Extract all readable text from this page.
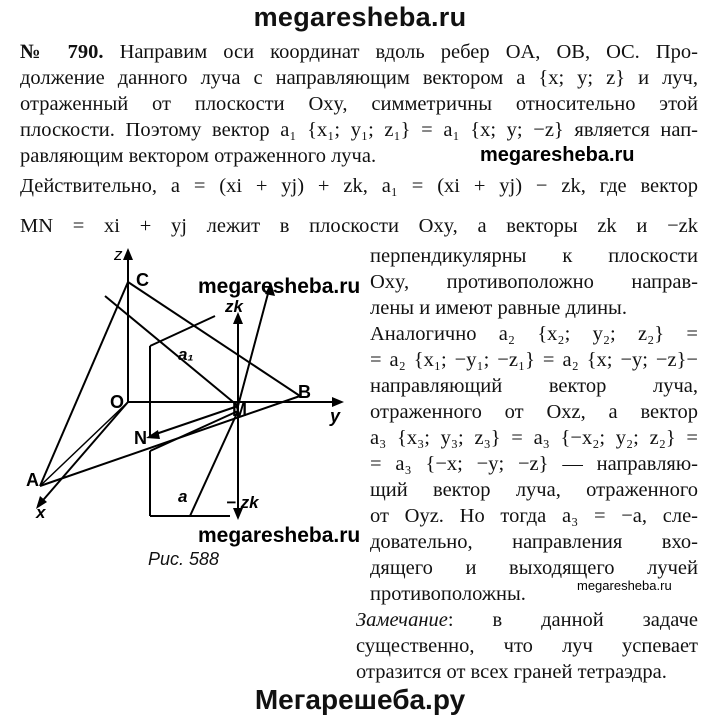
megaresheba.ru
№ 790. Направим оси координат вдоль ребер OA, OB, OC. Про-
должение данного луча с направляющим вектором a {x; y; z} и луч,
отраженный от плоскости Oxy, симметричны относительно этой
плоскости. Поэтому вектор a₁ {x₁; y₁; z₁} = a₁ {x; y; −z} является нап-
равляющим вектором отраженного луча.
Действительно, a = (xi + yj) + zk, a₁ = (xi + yj) − zk, где вектор
MN = xi + yj лежит в плоскости Oxy, а векторы zk и −zk
перпендикулярны к плоскости
Oxy, противоположно направ-
лены и имеют равные длины.
Аналогично a₂ {x₂; y₂; z₂} =
= a₂ {x₁; −y₁; −z₁} = a₂ {x; −y; −z}−
направляющий вектор луча,
отраженного от Oxz, а вектор
a₃ {x₃; y₃; z₃} = a₃ {−x₂; y₂; z₂} =
= a₃ {−x; −y; −z} — направляю-
щий вектор луча, отраженного
от Oyz. Но тогда a₃ = −a, сле-
довательно, направления вхо-
дящего и выходящего лучей
противоположны.
Замечание: в данной задаче
существенно, что луч успевает
отразится от всех граней тетраэдра.
z
C
O
N
M
B
y
A
x
zk
− zk
a
a₁
Рис. 588
megaresheba.ru
megaresheba.ru
megaresheba.ru
megaresheba.ru
Мегарешеба.ру
